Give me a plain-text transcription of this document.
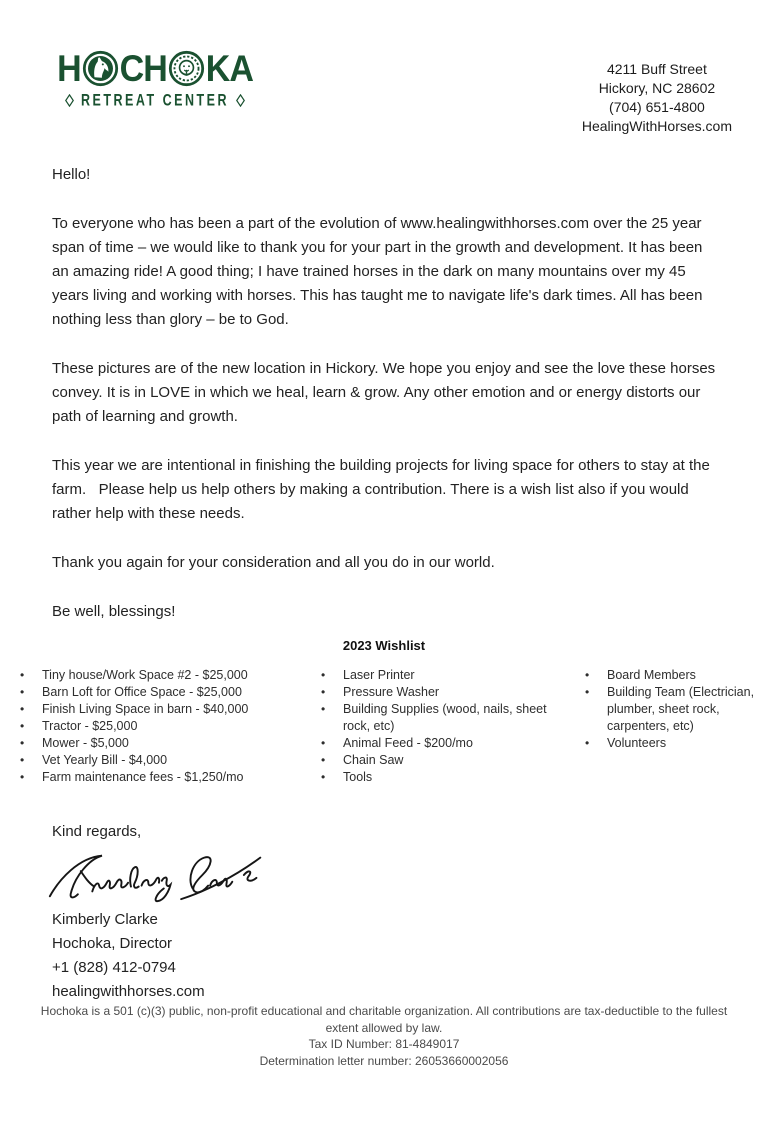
H CH KA
RETREAT CENTER
4211 Buff Street
Hickory, NC 28602
(704) 651-4800
HealingWithHorses.com

Hello!

To everyone who has been a part of the evolution of www.healingwithhorses.com over the 25 year span of time – we would like to thank you for your part in the growth and development. It has been an amazing ride! A good thing; I have trained horses in the dark on many mountains over my 45 years living and working with horses. This has taught me to navigate life's dark times. All has been nothing less than glory – be to God.

These pictures are of the new location in Hickory. We hope you enjoy and see the love these horses convey. It is in LOVE in which we heal, learn & grow. Any other emotion and or energy distorts our path of learning and growth.

This year we are intentional in finishing the building projects for living space for others to stay at the farm.   Please help us help others by making a contribution. There is a wish list also if you would rather help with these needs.

Thank you again for your consideration and all you do in our world.

Be well, blessings!

2023 Wishlist
• Tiny house/Work Space #2 - $25,000
• Barn Loft for Office Space - $25,000
• Finish Living Space in barn - $40,000
• Tractor - $25,000
• Mower - $5,000
• Vet Yearly Bill - $4,000
• Farm maintenance fees - $1,250/mo
• Laser Printer
• Pressure Washer
• Building Supplies (wood, nails, sheet rock, etc)
• Animal Feed - $200/mo
• Chain Saw
• Tools
• Board Members
• Building Team (Electrician, plumber, sheet rock, carpenters, etc)
• Volunteers
Kind regards,
Kimberly Clarke
Hochoka, Director
+1 (828) 412-0794
healingwithhorses.com
Hochoka is a 501 (c)(3) public, non-profit educational and charitable organization. All contributions are tax-deductible to the fullest extent allowed by law.
Tax ID Number: 81-4849017
Determination letter number: 26053660002056
